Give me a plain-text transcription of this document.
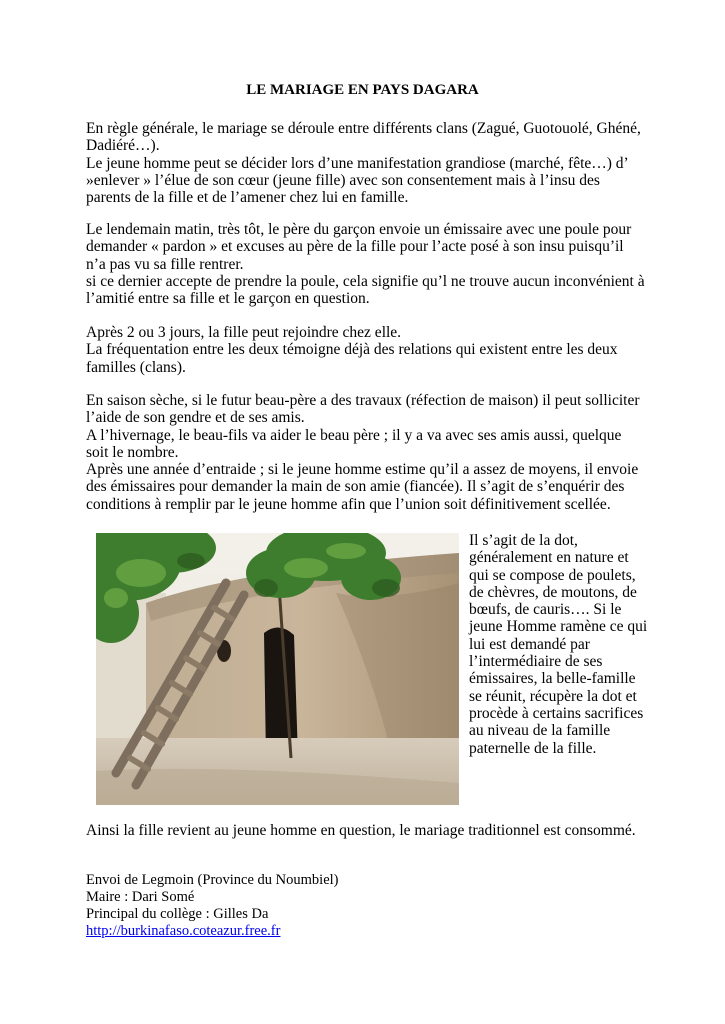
LE MARIAGE EN PAYS DAGARA

En règle générale, le mariage se déroule entre différents clans (Zagué, Guotouolé, Ghéné, Dadiéré…).

Le jeune homme peut se décider lors d’une manifestation grandiose (marché, fête…) d’ »enlever » l’élue de son cœur (jeune fille) avec son consentement mais à l’insu des parents de la fille et de l’amener chez lui en famille.

Le lendemain matin, très tôt, le père du garçon envoie un émissaire avec une poule pour demander « pardon » et excuses au père de la fille pour l’acte posé à son insu puisqu’il n’a pas vu sa fille rentrer.

si ce dernier accepte de prendre la poule, cela signifie qu’l ne trouve aucun inconvénient à l’amitié entre sa fille et le garçon en question.

Après 2 ou 3 jours, la fille peut rejoindre chez elle.

La fréquentation entre les deux témoigne déjà des relations qui existent entre les deux familles (clans).

En saison sèche, si le futur beau-père a des travaux (réfection de maison) il peut solliciter l’aide de son gendre et de ses amis.

A l’hivernage, le beau-fils va aider le beau père ; il y a va avec ses amis aussi, quelque soit le nombre.

Après une année d’entraide ; si le jeune homme estime qu’il a assez de moyens, il envoie des émissaires pour demander la main de son amie (fiancée). Il s’agit de s’enquérir des conditions à remplir par le jeune homme afin que l’union soit définitivement scellée.

Il s’agit de la dot, généralement en nature et qui se compose de poulets, de chèvres, de moutons, de bœufs, de cauris…. Si le jeune Homme ramène ce qui lui est demandé par l’intermédiaire de ses émissaires, la belle-famille se réunit, récupère la dot et procède à certains sacrifices au niveau de la famille paternelle de la fille.

Ainsi la fille revient au jeune homme en question, le mariage traditionnel est consommé.

Envoi de Legmoin (Province du Noumbiel)
Maire : Dari Somé
Principal du collège : Gilles Da
http://burkinafaso.coteazur.free.fr
